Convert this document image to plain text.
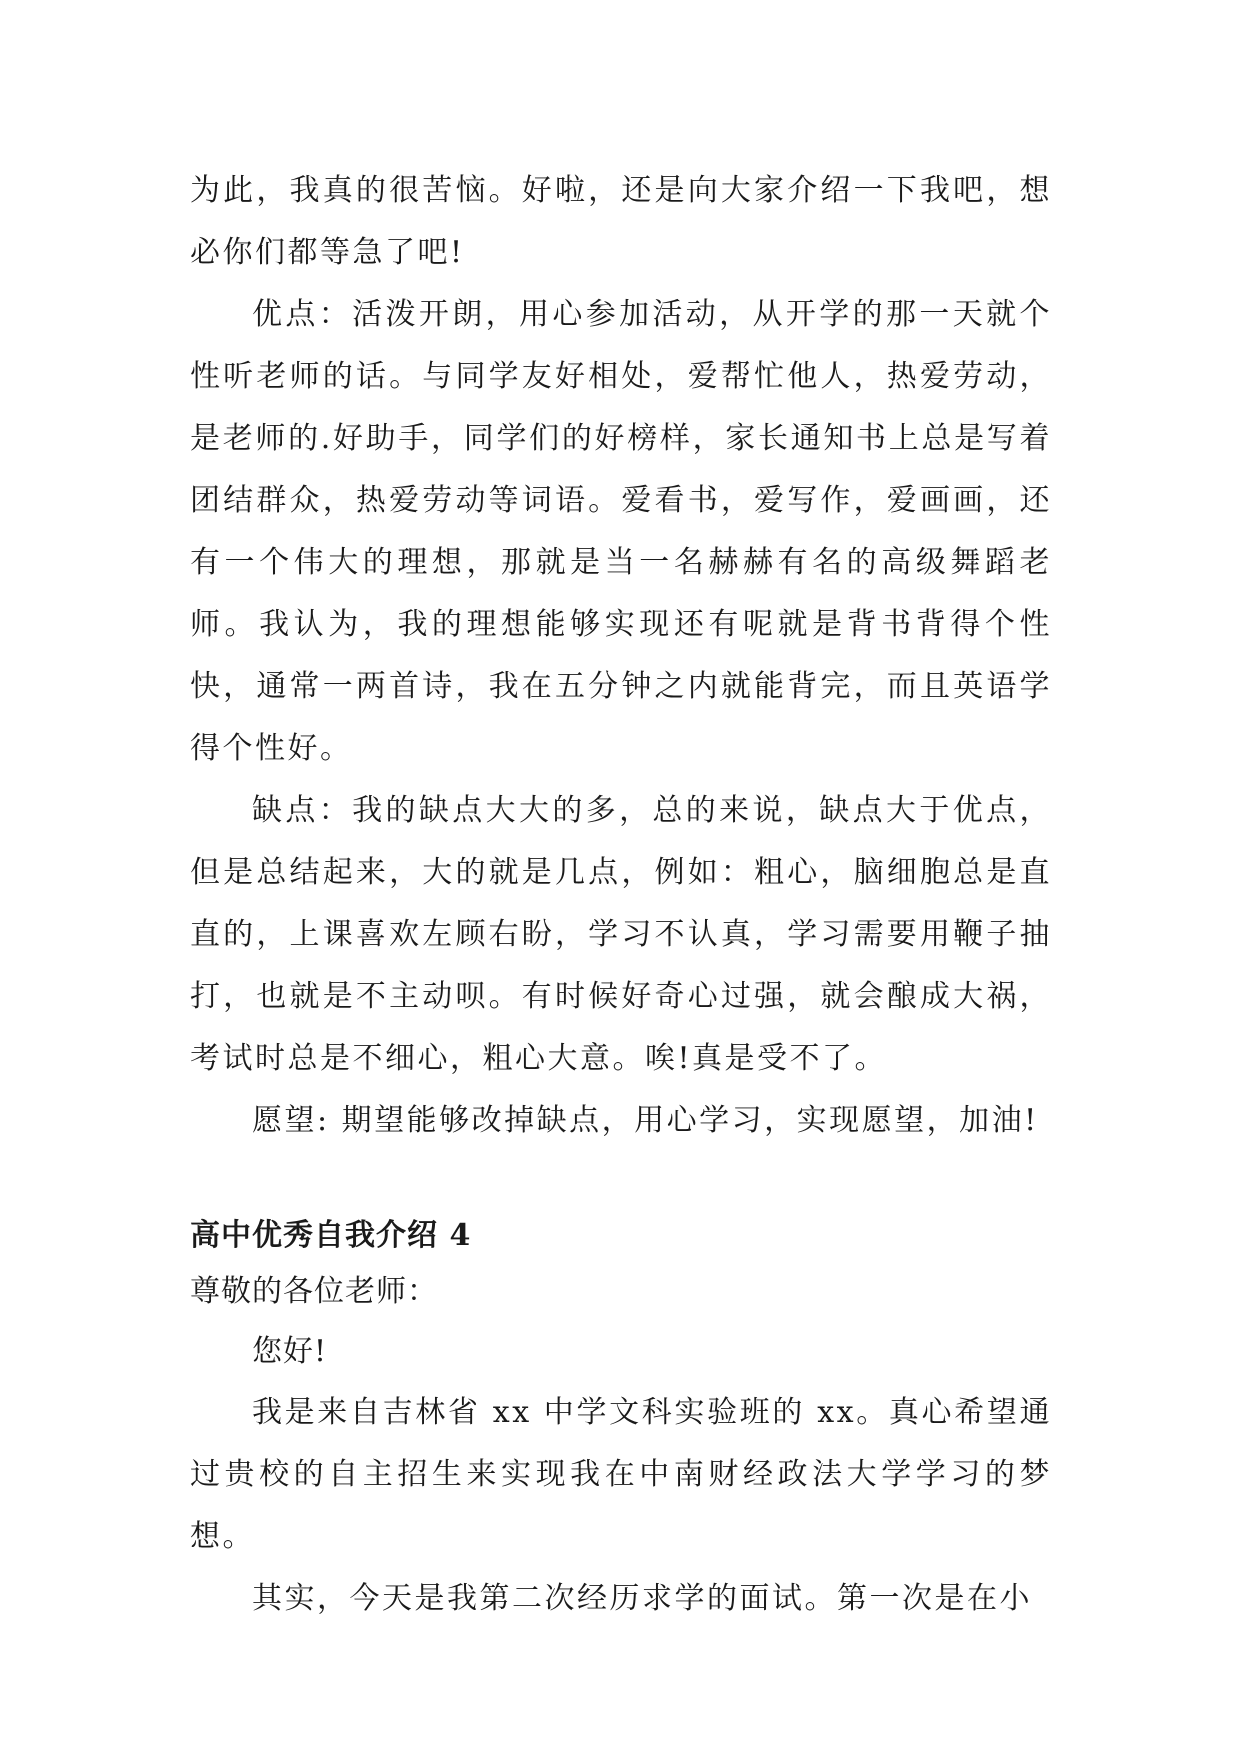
为此，我真的很苦恼。好啦，还是向大家介绍一下我吧，想必你们都等急了吧!

优点：活泼开朗，用心参加活动，从开学的那一天就个性听老师的话。与同学友好相处，爱帮忙他人，热爱劳动，是老师的.好助手，同学们的好榜样，家长通知书上总是写着团结群众，热爱劳动等词语。爱看书，爱写作，爱画画，还有一个伟大的理想，那就是当一名赫赫有名的高级舞蹈老师。我认为，我的理想能够实现还有呢就是背书背得个性快，通常一两首诗，我在五分钟之内就能背完，而且英语学得个性好。

缺点：我的缺点大大的多，总的来说，缺点大于优点，但是总结起来，大的就是几点，例如：粗心，脑细胞总是直直的，上课喜欢左顾右盼，学习不认真，学习需要用鞭子抽打，也就是不主动呗。有时候好奇心过强，就会酿成大祸，考试时总是不细心，粗心大意。唉!真是受不了。

愿望: 期望能够改掉缺点，用心学习，实现愿望，加油!

高中优秀自我介绍 4

尊敬的各位老师：

您好!

我是来自吉林省 xx 中学文科实验班的 xx。真心希望通过贵校的自主招生来实现我在中南财经政法大学学习的梦想。

其实，今天是我第二次经历求学的面试。第一次是在小
